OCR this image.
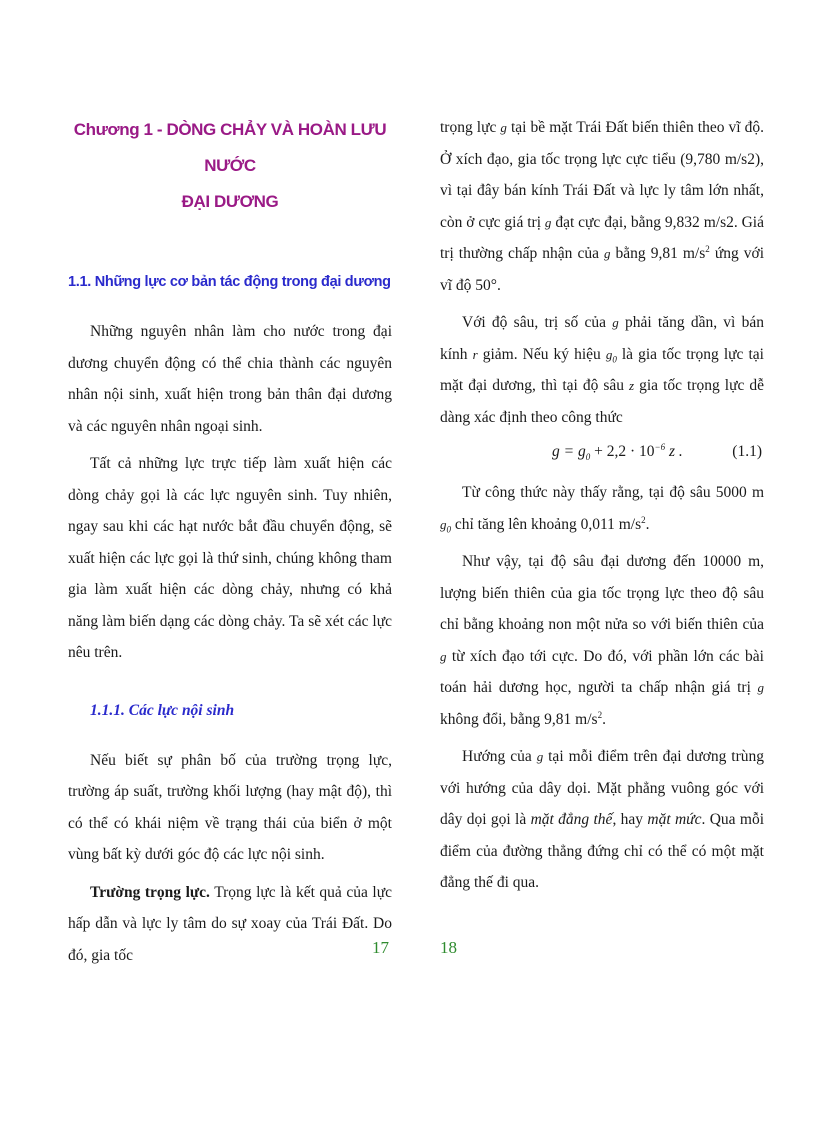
Chương 1 - DÒNG CHẢY VÀ HOÀN LƯU NƯỚC
ĐẠI DƯƠNG
1.1. Những lực cơ bản tác động trong đại dương

Những nguyên nhân làm cho nước trong đại dương chuyển động có thể chia thành các nguyên nhân nội sinh, xuất hiện trong bản thân đại dương và các nguyên nhân ngoại sinh.

Tất cả những lực trực tiếp làm xuất hiện các dòng chảy gọi là các lực nguyên sinh. Tuy nhiên, ngay sau khi các hạt nước bắt đầu chuyển động, sẽ xuất hiện các lực gọi là thứ sinh, chúng không tham gia làm xuất hiện các dòng chảy, nhưng có khả năng làm biến dạng các dòng chảy. Ta sẽ xét các lực nêu trên.

1.1.1. Các lực nội sinh

Nếu biết sự phân bố của trường trọng lực, trường áp suất, trường khối lượng (hay mật độ), thì có thể có khái niệm về trạng thái của biển ở một vùng bất kỳ dưới góc độ các lực nội sinh.

Trường trọng lực. Trọng lực là kết quả của lực hấp dẫn và lực ly tâm do sự xoay của Trái Đất. Do đó, gia tốc	17

trọng lực g tại bề mặt Trái Đất biến thiên theo vĩ độ. Ở xích đạo, gia tốc trọng lực cực tiểu (9,780 m/s2), vì tại đây bán kính Trái Đất và lực ly tâm lớn nhất, còn ở cực giá trị g đạt cực đại, bằng 9,832 m/s2. Giá trị thường chấp nhận của g bằng 9,81 $m/s^2$ ứng với vĩ độ 50°.

Với độ sâu, trị số của g phải tăng dần, vì bán kính r giảm. Nếu ký hiệu $g_0$ là gia tốc trọng lực tại mặt đại dương, thì tại độ sâu z gia tốc trọng lực dễ dàng xác định theo công thức

$g = g_0 + 2,2 \cdot 10^{-6}$ z .	(1.1)

Từ công thức này thấy rằng, tại độ sâu 5000 m $g_0$ chỉ tăng lên khoảng 0,011 $m/s^2$.

Như vậy, tại độ sâu đại dương đến 10000 m, lượng biến thiên của gia tốc trọng lực theo độ sâu chỉ bằng khoảng non một nửa so với biến thiên của g từ xích đạo tới cực. Do đó, với phần lớn các bài toán hải dương học, người ta chấp nhận giá trị g không đổi, bằng 9,81 $m/s^2$.

Hướng của g tại mỗi điểm trên đại dương trùng với hướng của dây dọi. Mặt phẳng vuông góc với dây dọi gọi là mặt đẳng thế, hay mặt mức. Qua mỗi điểm của đường thẳng đứng chỉ có thể có một mặt đẳng thế đi qua.

18
